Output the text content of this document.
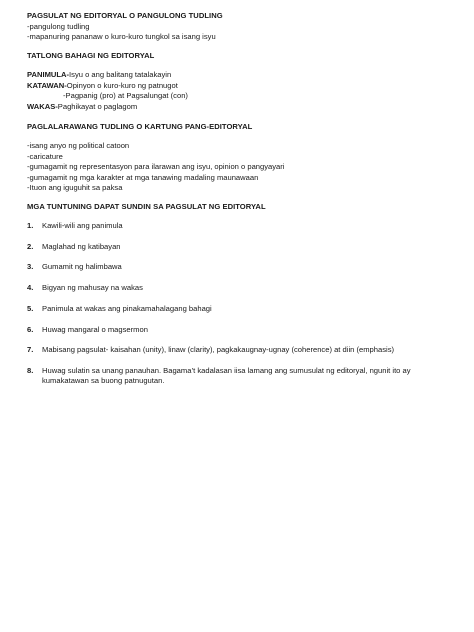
PAGSULAT NG EDITORYAL O PANGULONG TUDLING

-pangulong tudling

-mapanuring pananaw o kuro-kuro tungkol sa isang isyu

TATLONG BAHAGI NG EDITORYAL

PANIMULA-Isyu o ang balitang tatalakayin

KATAWAN-Opinyon o kuro-kuro ng patnugot

-Pagpanig (pro) at Pagsalungat (con)

WAKAS-Paghikayat o paglagom

PAGLALARAWANG TUDLING O KARTUNG PANG-EDITORYAL

-isang anyo ng political catoon

-caricature

-gumagamit ng representasyon para ilarawan ang isyu, opinion o pangyayari

-gumagamit ng mga karakter at mga tanawing madaling maunawaan

-Ituon ang iguguhit sa paksa

MGA TUNTUNING DAPAT SUNDIN SA PAGSULAT NG EDITORYAL

1. Kawili-wili ang panimula
2. Maglahad ng katibayan
3. Gumamit ng halimbawa
4. Bigyan ng mahusay na wakas
5. Panimula at wakas ang pinakamahalagang bahagi
6. Huwag mangaral o magsermon
7. Mabisang pagsulat- kaisahan (unity), linaw (clarity), pagkakaugnay-ugnay (coherence) at diin (emphasis)
8. Huwag sulatin sa unang panauhan. Bagama’t kadalasan iisa lamang ang sumusulat ng editoryal, ngunit ito ay kumakatawan sa buong patnugutan.
